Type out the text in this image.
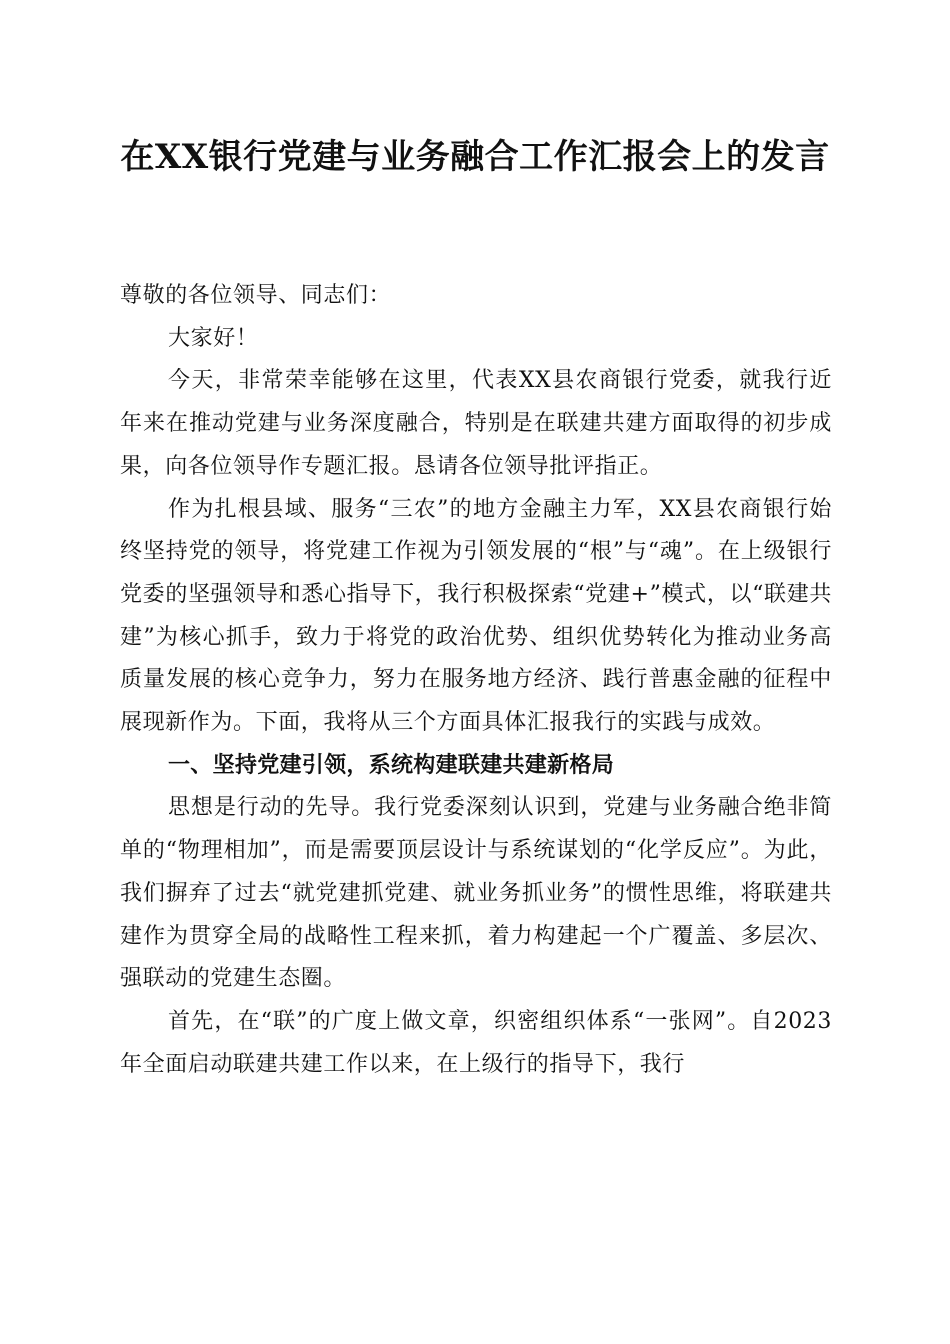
在XX银行党建与业务融合工作汇报会上的发言

尊敬的各位领导、同志们：

大家好！

今天，非常荣幸能够在这里，代表XX县农商银行党委，就我行近年来在推动党建与业务深度融合，特别是在联建共建方面取得的初步成果，向各位领导作专题汇报。恳请各位领导批评指正。

作为扎根县域、服务“三农”的地方金融主力军，XX县农商银行始终坚持党的领导，将党建工作视为引领发展的“根”与“魂”。在上级银行党委的坚强领导和悉心指导下，我行积极探索“党建+”模式，以“联建共建”为核心抓手，致力于将党的政治优势、组织优势转化为推动业务高质量发展的核心竞争力，努力在服务地方经济、践行普惠金融的征程中展现新作为。下面，我将从三个方面具体汇报我行的实践与成效。

一、坚持党建引领，系统构建联建共建新格局

思想是行动的先导。我行党委深刻认识到，党建与业务融合绝非简单的“物理相加”，而是需要顶层设计与系统谋划的“化学反应”。为此，我们摒弃了过去“就党建抓党建、就业务抓业务”的惯性思维，将联建共建作为贯穿全局的战略性工程来抓，着力构建起一个广覆盖、多层次、强联动的党建生态圈。

首先，在“联”的广度上做文章，织密组织体系“一张网”。自2023年全面启动联建共建工作以来，在上级行的指导下，我行
